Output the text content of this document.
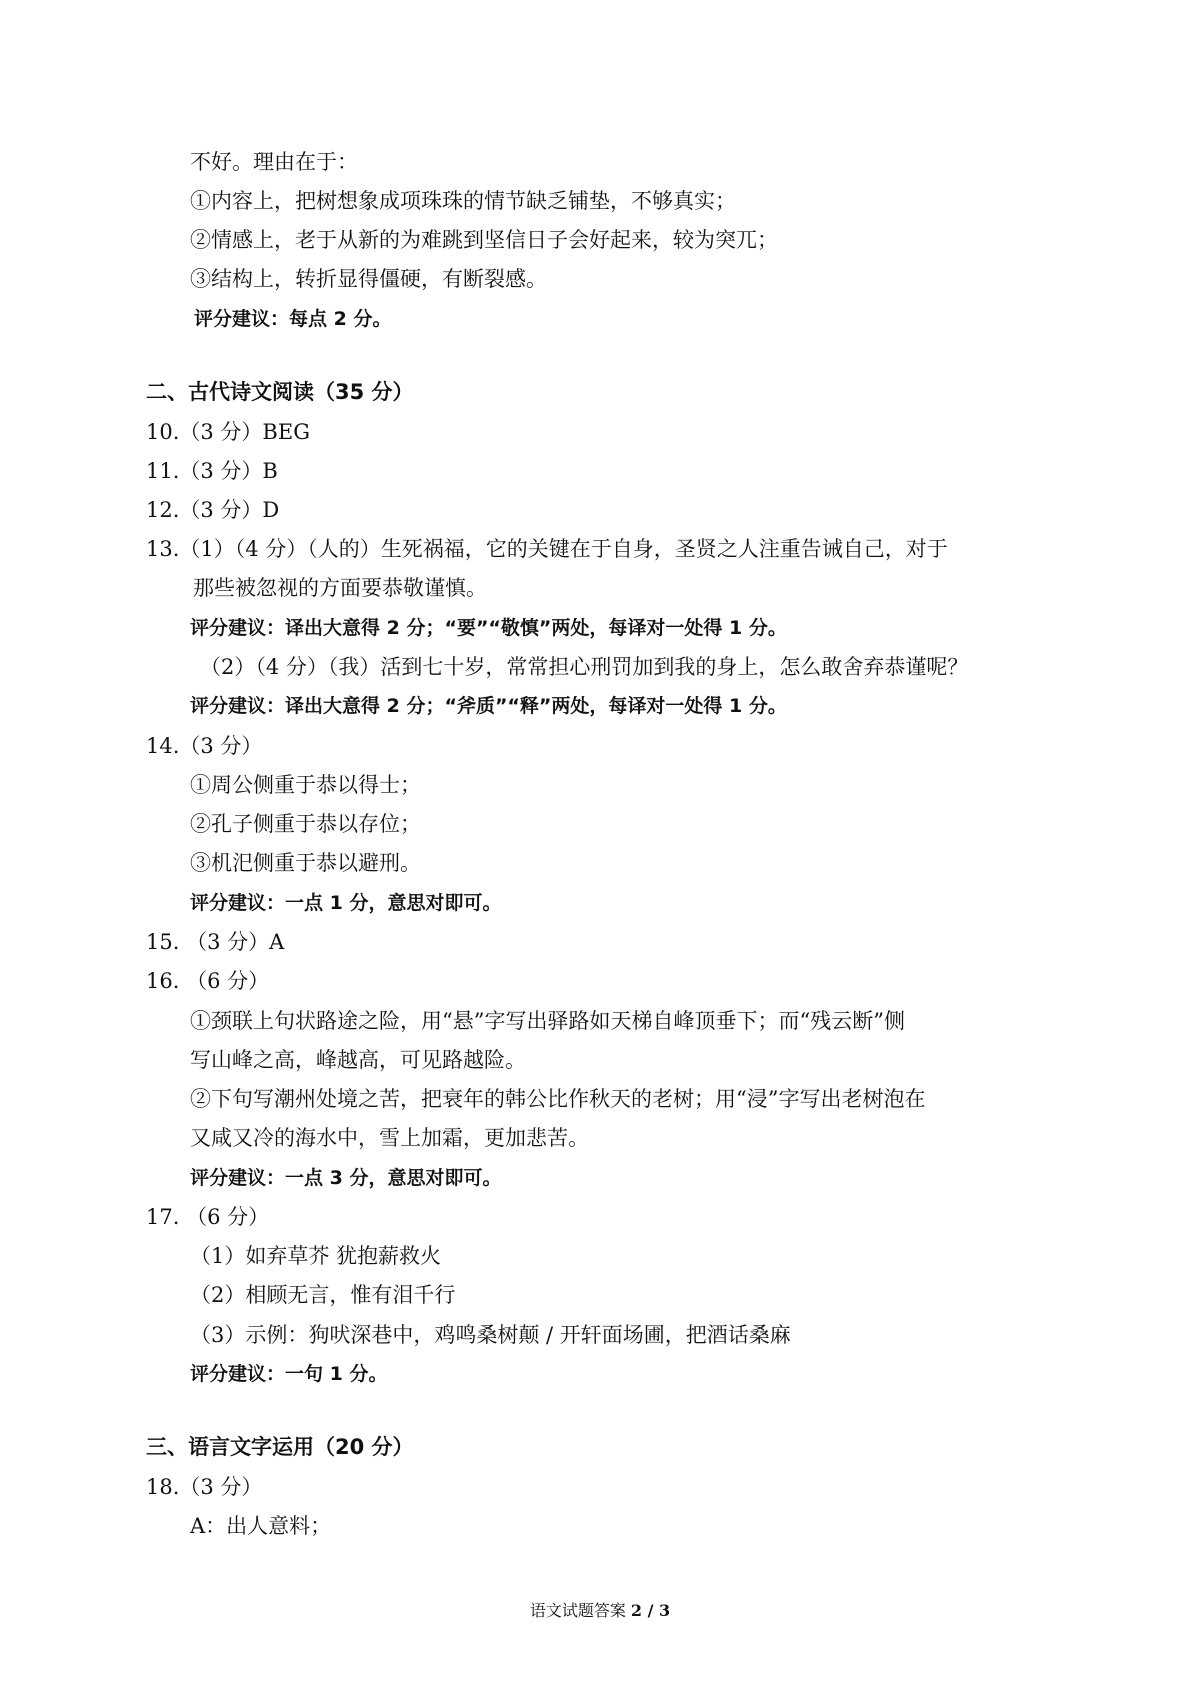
不好。理由在于：
①内容上，把树想象成项珠珠的情节缺乏铺垫，不够真实；
②情感上，老于从新的为难跳到坚信日子会好起来，较为突兀；
③结构上，转折显得僵硬，有断裂感。
评分建议：每点 2 分。
二、古代诗文阅读（35 分）
10.（3 分）BEG
11.（3 分）B
12.（3 分）D
13.（1）（4 分）（人的）生死祸福，它的关键在于自身，圣贤之人注重告诫自己，对于
那些被忽视的方面要恭敬谨慎。
评分建议：译出大意得 2 分；“要”“敬慎”两处，每译对一处得 1 分。
（2）（4 分）（我）活到七十岁，常常担心刑罚加到我的身上，怎么敢舍弃恭谨呢？
评分建议：译出大意得 2 分；“斧质”“释”两处，每译对一处得 1 分。
14.（3 分）
①周公侧重于恭以得士；
②孔子侧重于恭以存位；
③机汜侧重于恭以避刑。
评分建议：一点 1 分，意思对即可。
15. （3 分）A
16. （6 分）
①颈联上句状路途之险，用“悬”字写出驿路如天梯自峰顶垂下；而“残云断”侧
写山峰之高，峰越高，可见路越险。
②下句写潮州处境之苦，把衰年的韩公比作秋天的老树；用“浸”字写出老树泡在
又咸又冷的海水中，雪上加霜，更加悲苦。
评分建议：一点 3 分，意思对即可。
17. （6 分）
（1）如弃草芥 犹抱薪救火
（2）相顾无言，惟有泪千行
（3）示例：狗吠深巷中，鸡鸣桑树颠 / 开轩面场圃，把酒话桑麻
评分建议：一句 1 分。
三、语言文字运用（20 分）
18.（3 分）
A：出人意料；
语文试题答案 2 / 3
